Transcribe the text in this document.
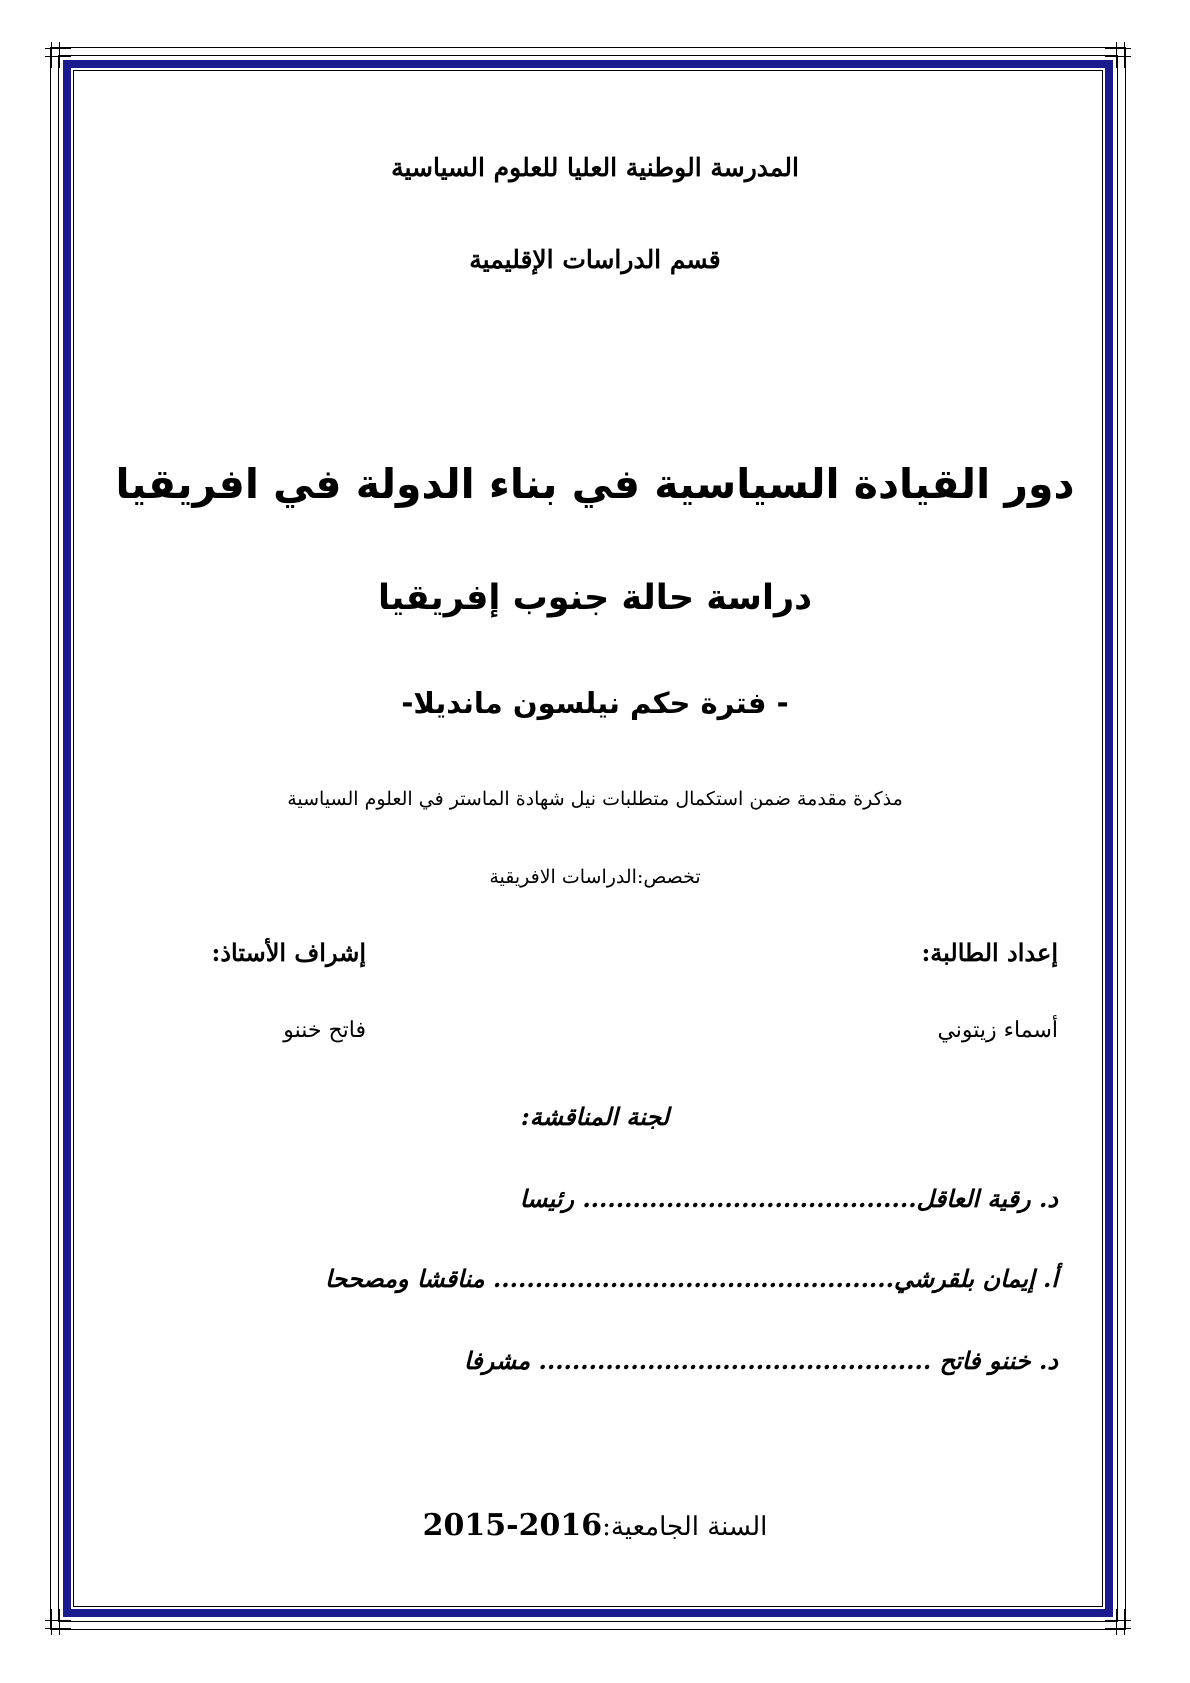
المدرسة الوطنية العليا للعلوم السياسية
قسم الدراسات الإقليمية
دور القيادة السياسية في بناء الدولة في افريقيا
دراسة حالة جنوب إفريقيا
- فترة حكم نيلسون مانديلا-
مذكرة مقدمة ضمن استكمال متطلبات نيل شهادة الماستر في العلوم السياسية
تخصص:الدراسات الافريقية
إعداد الطالبة:
إشراف الأستاذ:
أسماء زيتوني
فاتح خننو
لجنة المناقشة:
د. رقية العاقل........................................ رئيسا
أ. إيمان بلقرشي................................................ مناقشا ومصححا
د. خننو فاتح ............................................... مشرفا
السنة الجامعية:2015-2016
